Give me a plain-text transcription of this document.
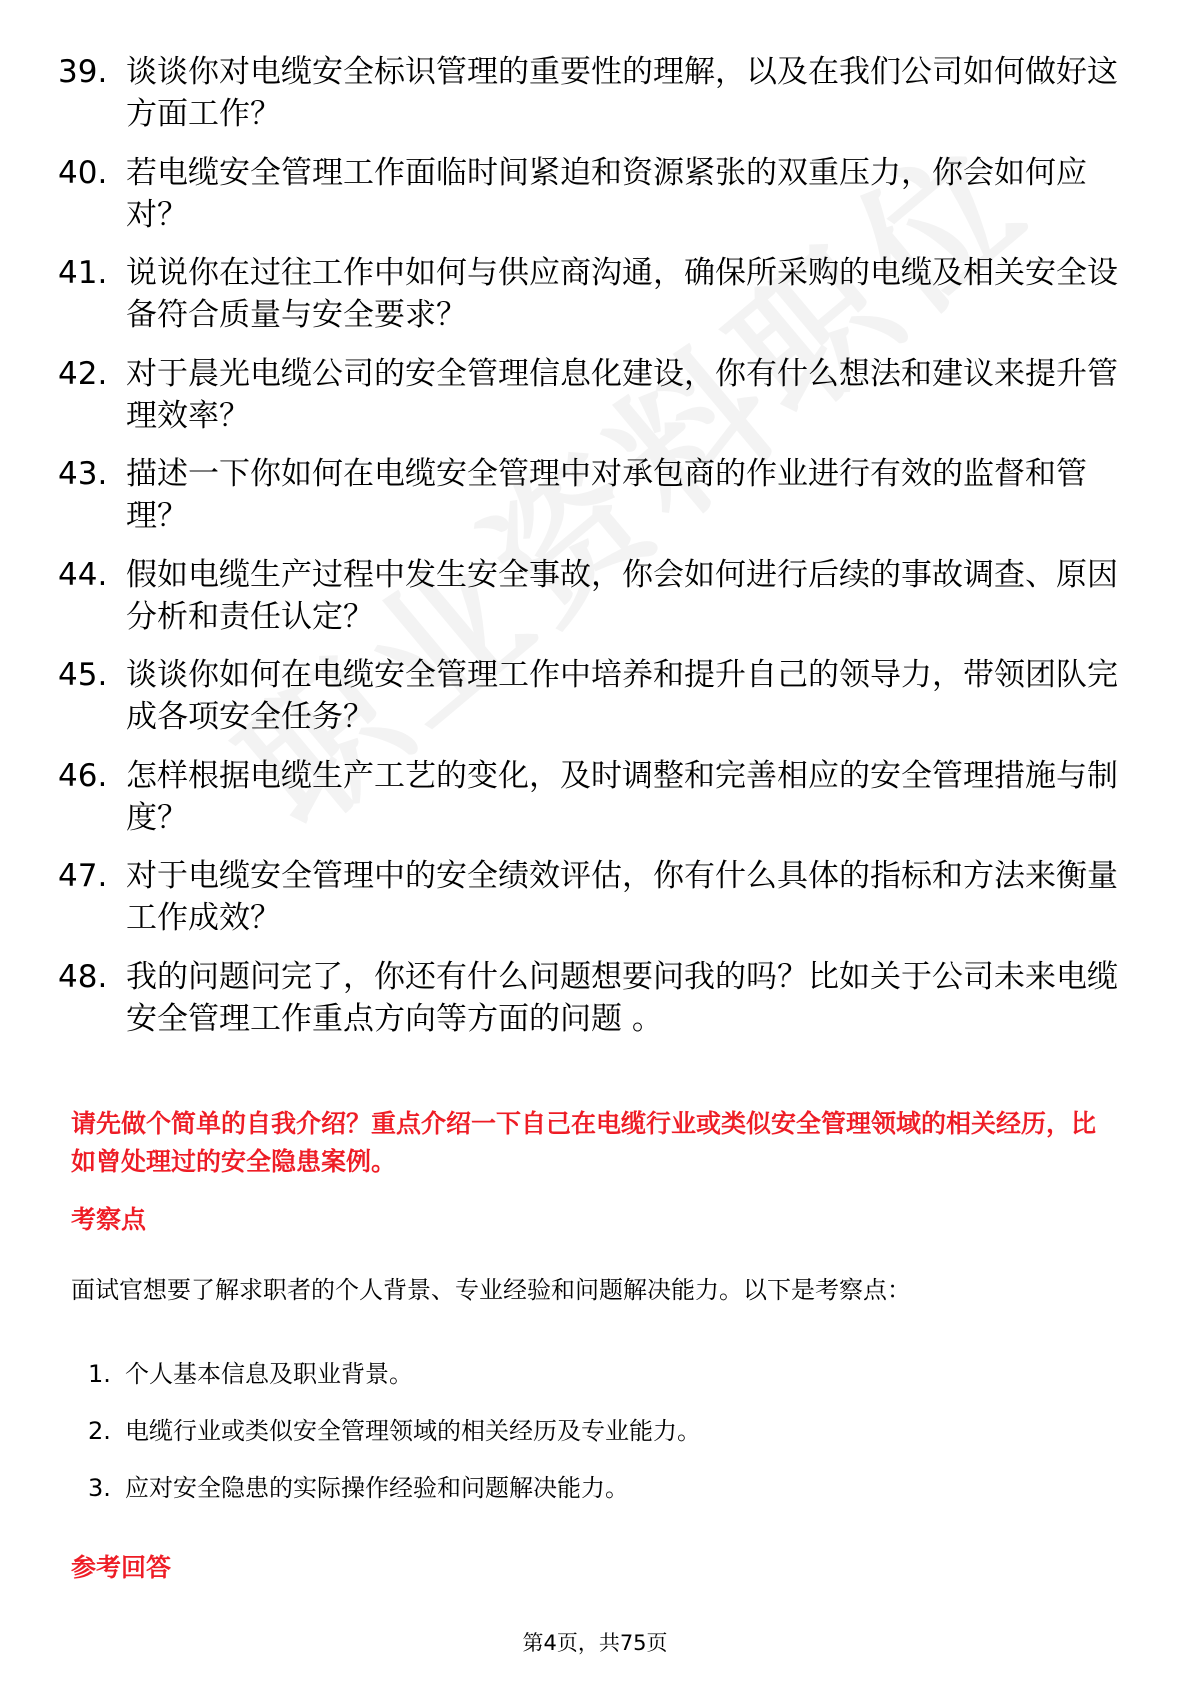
39. 谈谈你对电缆安全标识管理的重要性的理解，以及在我们公司如何做好这方面工作？
40. 若电缆安全管理工作面临时间紧迫和资源紧张的双重压力，你会如何应对？
41. 说说你在过往工作中如何与供应商沟通，确保所采购的电缆及相关安全设备符合质量与安全要求？
42. 对于晨光电缆公司的安全管理信息化建设，你有什么想法和建议来提升管理效率？
43. 描述一下你如何在电缆安全管理中对承包商的作业进行有效的监督和管理？
44. 假如电缆生产过程中发生安全事故，你会如何进行后续的事故调查、原因分析和责任认定？
45. 谈谈你如何在电缆安全管理工作中培养和提升自己的领导力，带领团队完成各项安全任务？
46. 怎样根据电缆生产工艺的变化，及时调整和完善相应的安全管理措施与制度？
47. 对于电缆安全管理中的安全绩效评估，你有什么具体的指标和方法来衡量工作成效？
48. 我的问题问完了，你还有什么问题想要问我的吗？比如关于公司未来电缆安全管理工作重点方向等方面的问题 。
请先做个简单的自我介绍？重点介绍一下自己在电缆行业或类似安全管理领域的相关经历，比如曾处理过的安全隐患案例。
考察点
面试官想要了解求职者的个人背景、专业经验和问题解决能力。以下是考察点：
1. 个人基本信息及职业背景。
2. 电缆行业或类似安全管理领域的相关经历及专业能力。
3. 应对安全隐患的实际操作经验和问题解决能力。
参考回答
第4页，共75页
